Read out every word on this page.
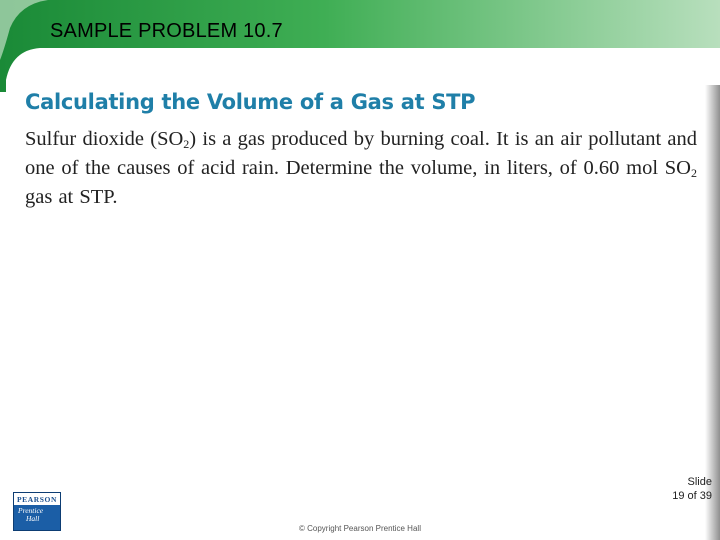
SAMPLE PROBLEM 10.7
Calculating the Volume of a Gas at STP
Sulfur dioxide $(SO_2)$ is a gas produced by burning coal. It is an air pollutant and one of the causes of acid rain. Determine the volume, in liters, of 0.60 mol $SO_2$ gas at STP.
Slide
19 of 39
PEARSON
Prentice
Hall
© Copyright Pearson Prentice Hall
